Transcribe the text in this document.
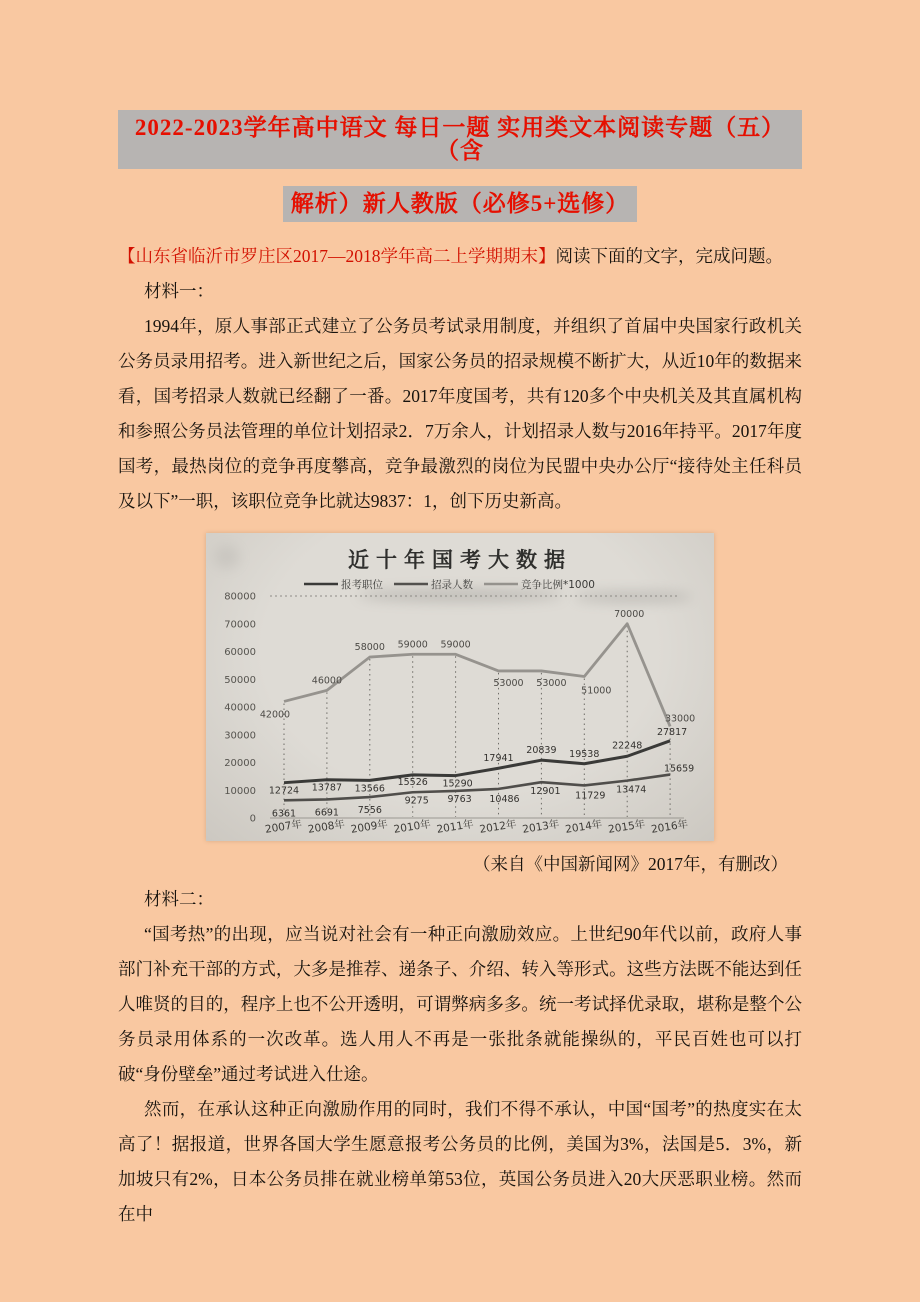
2022-2023学年高中语文 每日一题 实用类文本阅读专题（五）（含
解析）新人教版（必修5+选修）

【山东省临沂市罗庄区2017—2018学年高二上学期期末】阅读下面的文字，完成问题。

材料一：

1994年，原人事部正式建立了公务员考试录用制度，并组织了首届中央国家行政机关公务员录用招考。进入新世纪之后，国家公务员的招录规模不断扩大，从近10年的数据来看，国考招录人数就已经翻了一番。2017年度国考，共有120多个中央机关及其直属机构和参照公务员法管理的单位计划招录2．7万余人，计划招录人数与2016年持平。2017年度国考，最热岗位的竞争再度攀高，竞争最激烈的岗位为民盟中央办公厅“接待处主任科员及以下”一职，该职位竞争比就达9837：1，创下历史新高。

近十年国考大数据
报考职位	招录人数	竞争比例*1000
0
10000
20000
30000
40000
50000
60000
70000
80000
2007年 2008年 2009年 2010年 2011年 2012年 2013年 2014年 2015年 2016年
12724 13787 13566
15526 15290
17941
20839 19538
22248
27817
6361 6691 7556
9275 9763 10486
12901 11729
13474
15659
42000
46000
58000 59000 59000
53000 53000
51000
70000
33000

（来自《中国新闻网》2017年，有删改）

材料二：

“国考热”的出现，应当说对社会有一种正向激励效应。上世纪90年代以前，政府人事部门补充干部的方式，大多是推荐、递条子、介绍、转入等形式。这些方法既不能达到任人唯贤的目的，程序上也不公开透明，可谓弊病多多。统一考试择优录取，堪称是整个公务员录用体系的一次改革。选人用人不再是一张批条就能操纵的，平民百姓也可以打破“身份壁垒”通过考试进入仕途。

然而，在承认这种正向激励作用的同时，我们不得不承认，中国“国考”的热度实在太高了！据报道，世界各国大学生愿意报考公务员的比例，美国为3%，法国是5．3%，新加坡只有2%，日本公务员排在就业榜单第53位，英国公务员进入20大厌恶职业榜。然而在中
